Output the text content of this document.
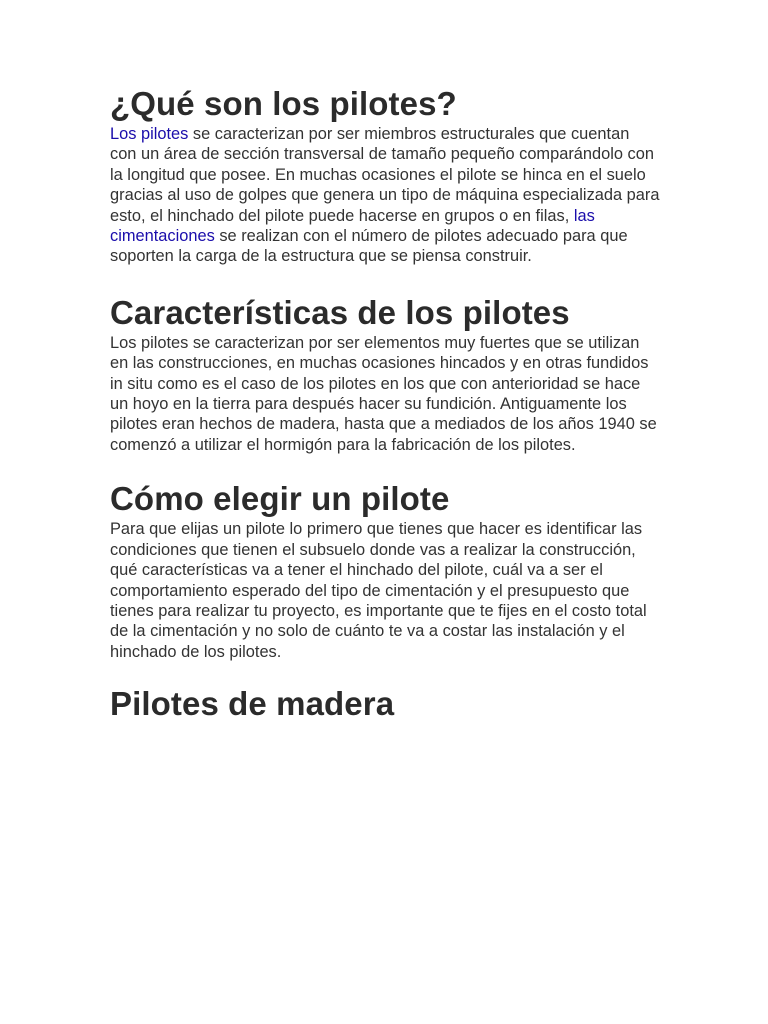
¿Qué son los pilotes?

Los pilotes se caracterizan por ser miembros estructurales que cuentan con un área de sección transversal de tamaño pequeño comparándolo con la longitud que posee. En muchas ocasiones el pilote se hinca en el suelo gracias al uso de golpes que genera un tipo de máquina especializada para esto, el hinchado del pilote puede hacerse en grupos o en filas, las cimentaciones se realizan con el número de pilotes adecuado para que soporten la carga de la estructura que se piensa construir.

Características de los pilotes

Los pilotes se caracterizan por ser elementos muy fuertes que se utilizan en las construcciones, en muchas ocasiones hincados y en otras fundidos in situ como es el caso de los pilotes en los que con anterioridad se hace un hoyo en la tierra para después hacer su fundición. Antiguamente los pilotes eran hechos de madera, hasta que a mediados de los años 1940 se comenzó a utilizar el hormigón para la fabricación de los pilotes.

Cómo elegir un pilote

Para que elijas un pilote lo primero que tienes que hacer es identificar las condiciones que tienen el subsuelo donde vas a realizar la construcción, qué características va a tener el hinchado del pilote, cuál va a ser el comportamiento esperado del tipo de cimentación y el presupuesto que tienes para realizar tu proyecto, es importante que te fijes en el costo total de la cimentación y no solo de cuánto te va a costar las instalación y el hinchado de los pilotes.

Pilotes de madera
